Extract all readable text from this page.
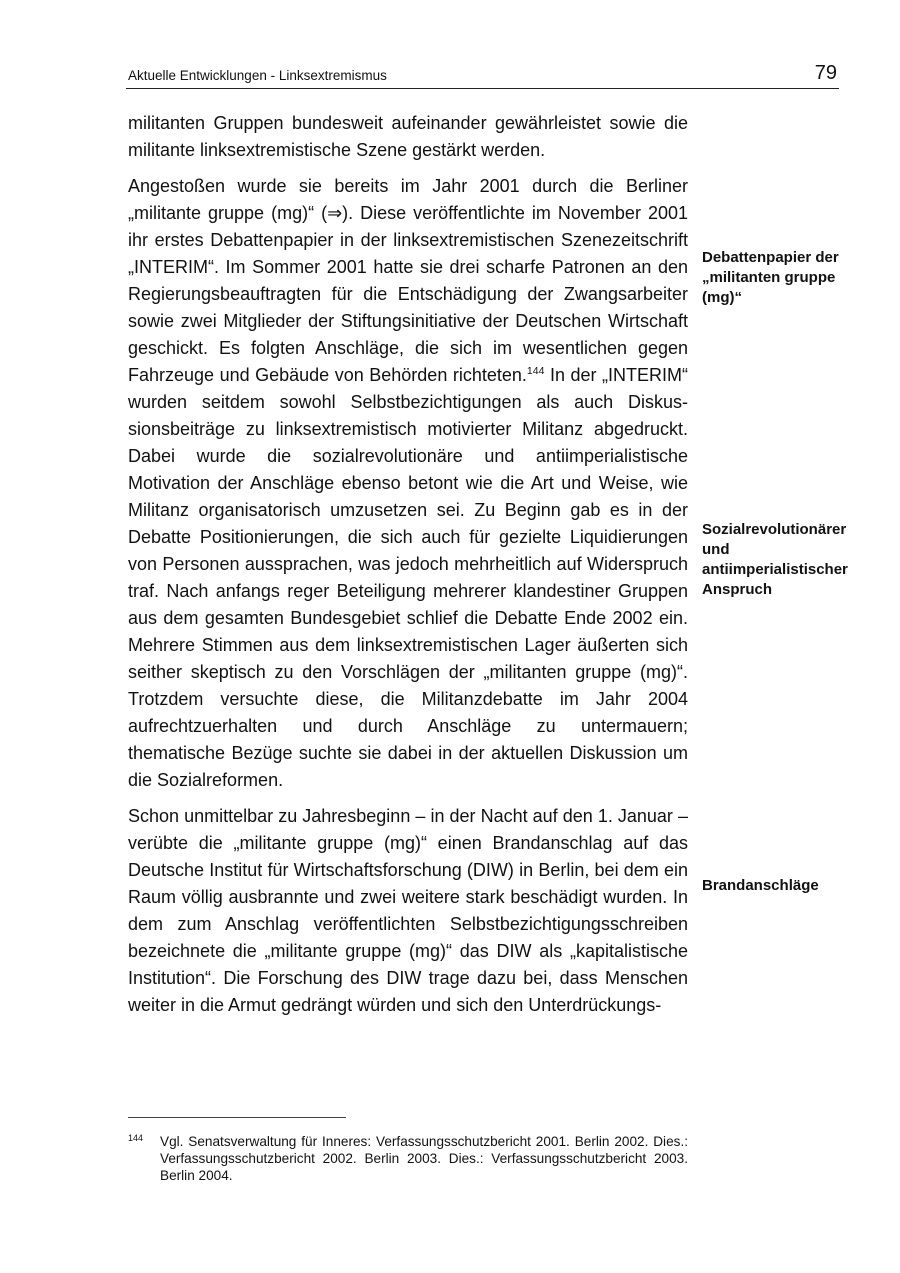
Aktuelle Entwicklungen - Linksextremismus	79

militanten Gruppen bundesweit aufeinander gewährleistet sowie die militante linksextremistische Szene gestärkt werden.

Angestoßen wurde sie bereits im Jahr 2001 durch die Berliner „militante gruppe (mg)“ (⇒). Diese veröffentlichte im November 2001 ihr erstes Debattenpapier in der linksextremistischen Szenezeitschrift „INTERIM“. Im Sommer 2001 hatte sie drei scharfe Patronen an den Regierungsbeauftragten für die Entschädigung der Zwangsarbeiter sowie zwei Mitglieder der Stiftungsinitiative der Deutschen Wirtschaft geschickt. Es folgten Anschläge, die sich im wesentlichen gegen Fahrzeuge und Gebäude von Behörden richteten.$^{144}$ In der „INTERIM“ wurden seitdem sowohl Selbstbezichtigungen als auch Diskussionsbeiträge zu linksextremistisch motivierter Militanz abgedruckt. Dabei wurde die sozialrevolutionäre und antiimperialistische Motivation der Anschläge ebenso betont wie die Art und Weise, wie Militanz organisatorisch umzusetzen sei. Zu Beginn gab es in der Debatte Positionierungen, die sich auch für gezielte Liquidierungen von Personen aussprachen, was jedoch mehrheitlich auf Widerspruch traf. Nach anfangs reger Beteiligung mehrerer klandestiner Gruppen aus dem gesamten Bundesgebiet schlief die Debatte Ende 2002 ein. Mehrere Stimmen aus dem linksextremistischen Lager äußerten sich seither skeptisch zu den Vorschlägen der „militanten gruppe (mg)“. Trotzdem versuchte diese, die Militanzdebatte im Jahr 2004 aufrechtzuerhalten und durch Anschläge zu untermauern; thematische Bezüge suchte sie dabei in der aktuellen Diskussion um die Sozialreformen.

Schon unmittelbar zu Jahresbeginn – in der Nacht auf den 1. Januar – verübte die „militante gruppe (mg)“ einen Brandanschlag auf das Deutsche Institut für Wirtschaftsforschung (DIW) in Berlin, bei dem ein Raum völlig ausbrannte und zwei weitere stark beschädigt wurden. In dem zum Anschlag veröffentlichten Selbstbezichtigungsschreiben bezeichnete die „militante gruppe (mg)“ das DIW als „kapitalistische Institution“. Die Forschung des DIW trage dazu bei, dass Menschen weiter in die Armut gedrängt würden und sich den Unterdrückungs-

Debattenpapier der „militanten gruppe (mg)“
Sozialrevolutionärer und antiimperialistischer Anspruch
Brandanschläge
144 Vgl. Senatsverwaltung für Inneres: Verfassungsschutzbericht 2001. Berlin 2002. Dies.: Verfassungsschutzbericht 2002. Berlin 2003. Dies.: Verfassungsschutzbericht 2003. Berlin 2004.
